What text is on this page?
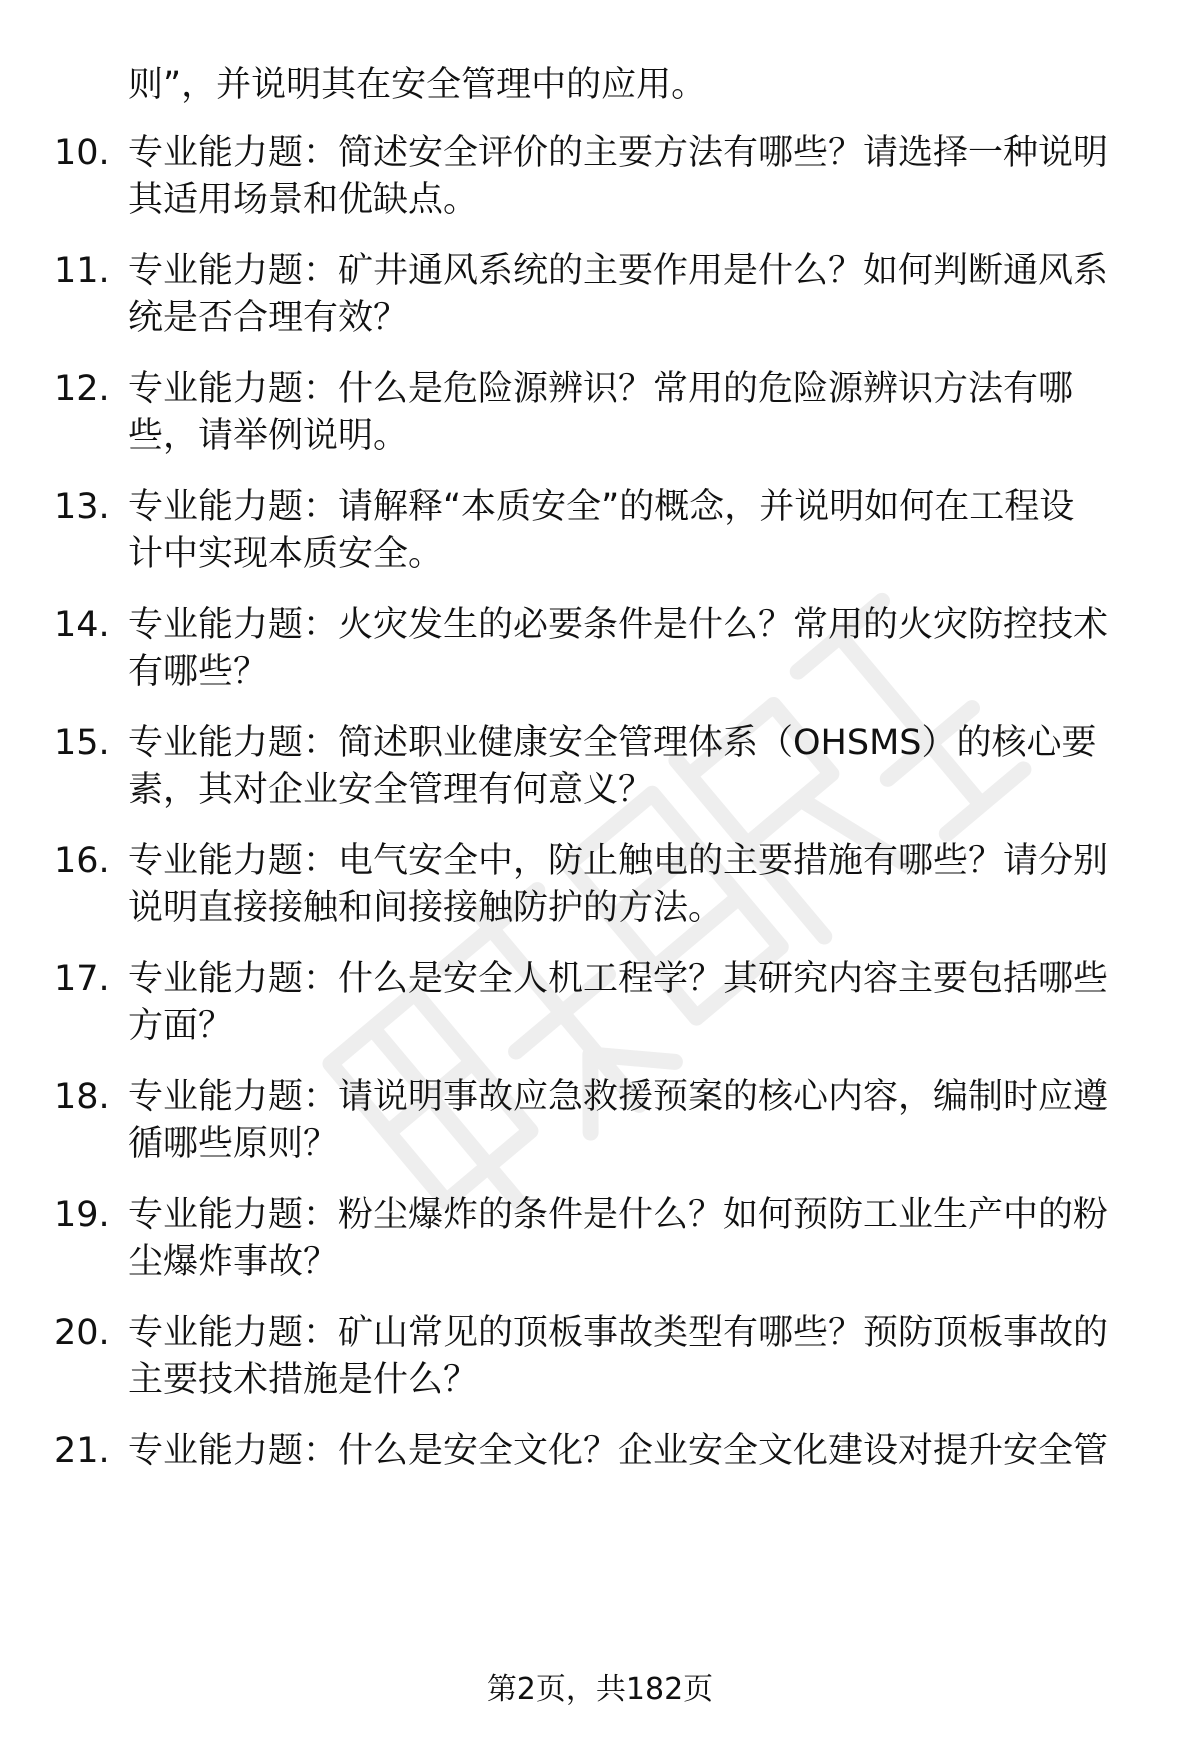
则”，并说明其在安全管理中的应用。
10. 专业能力题：简述安全评价的主要方法有哪些？请选择一种说明
其适用场景和优缺点。
11. 专业能力题：矿井通风系统的主要作用是什么？如何判断通风系
统是否合理有效？
12. 专业能力题：什么是危险源辨识？常用的危险源辨识方法有哪
些，请举例说明。
13. 专业能力题：请解释“本质安全”的概念，并说明如何在工程设
计中实现本质安全。
14. 专业能力题：火灾发生的必要条件是什么？常用的火灾防控技术
有哪些？
15. 专业能力题：简述职业健康安全管理体系（OHSMS）的核心要
素，其对企业安全管理有何意义？
16. 专业能力题：电气安全中，防止触电的主要措施有哪些？请分别
说明直接接触和间接接触防护的方法。
17. 专业能力题：什么是安全人机工程学？其研究内容主要包括哪些
方面？
18. 专业能力题：请说明事故应急救援预案的核心内容，编制时应遵
循哪些原则？
19. 专业能力题：粉尘爆炸的条件是什么？如何预防工业生产中的粉
尘爆炸事故？
20. 专业能力题：矿山常见的顶板事故类型有哪些？预防顶板事故的
主要技术措施是什么？
21. 专业能力题：什么是安全文化？企业安全文化建设对提升安全管
第2页，共182页
